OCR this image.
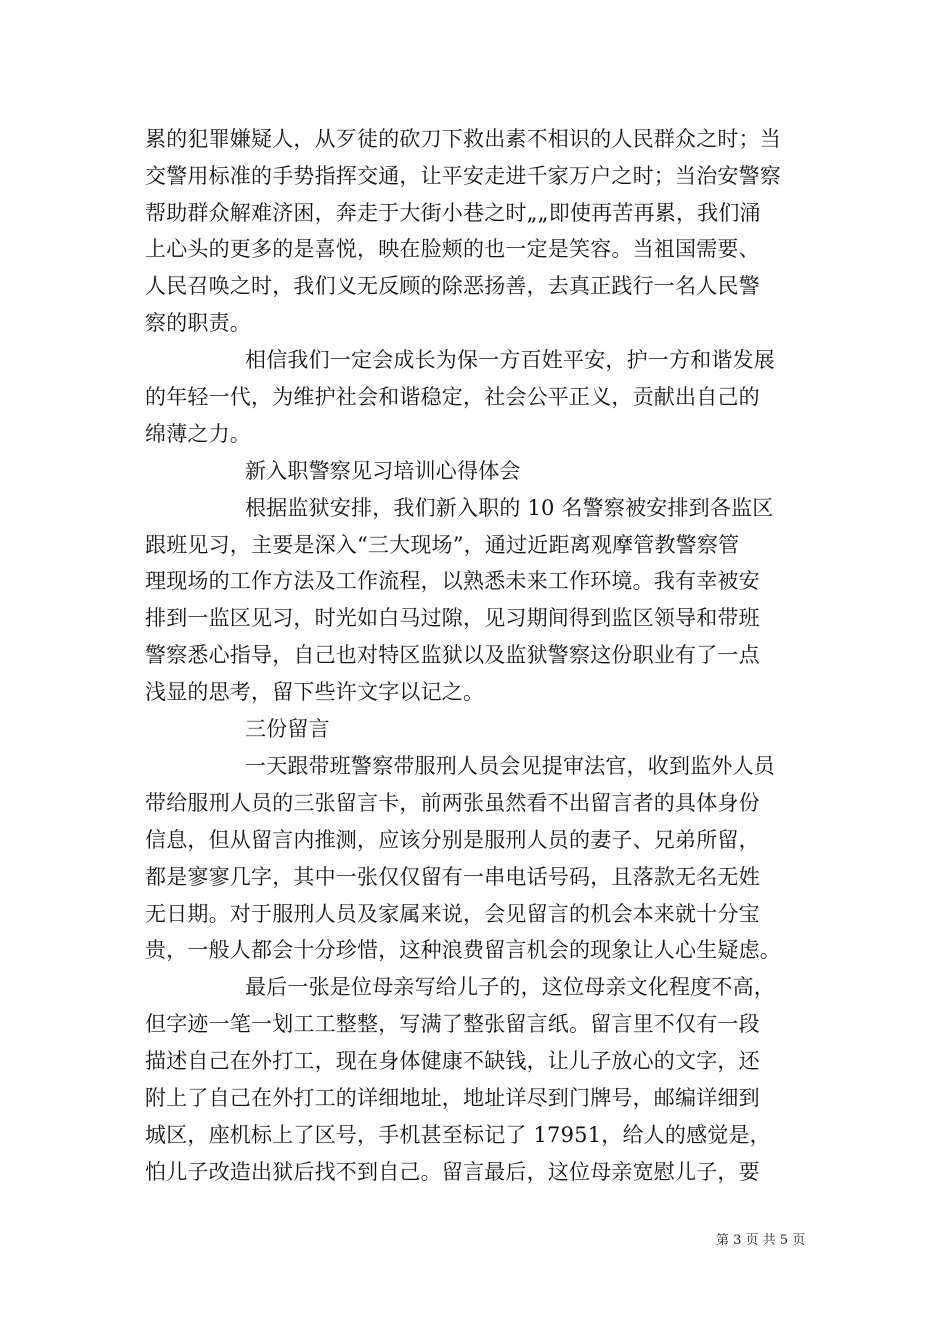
累的犯罪嫌疑人，从歹徒的砍刀下救出素不相识的人民群众之时；当
交警用标准的手势指挥交通，让平安走进千家万户之时；当治安警察
帮助群众解难济困，奔走于大街小巷之时„„即使再苦再累，我们涌
上心头的更多的是喜悦，映在脸颊的也一定是笑容。当祖国需要、
人民召唤之时，我们义无反顾的除恶扬善，去真正践行一名人民警
察的职责。
相信我们一定会成长为保一方百姓平安，护一方和谐发展
的年轻一代，为维护社会和谐稳定，社会公平正义，贡献出自己的
绵薄之力。
新入职警察见习培训心得体会
根据监狱安排，我们新入职的 10 名警察被安排到各监区
跟班见习，主要是深入“三大现场”，通过近距离观摩管教警察管
理现场的工作方法及工作流程，以熟悉未来工作环境。我有幸被安
排到一监区见习，时光如白马过隙，见习期间得到监区领导和带班
警察悉心指导，自己也对特区监狱以及监狱警察这份职业有了一点
浅显的思考，留下些许文字以记之。
三份留言
一天跟带班警察带服刑人员会见提审法官，收到监外人员
带给服刑人员的三张留言卡，前两张虽然看不出留言者的具体身份
信息，但从留言内推测，应该分别是服刑人员的妻子、兄弟所留，
都是寥寥几字，其中一张仅仅留有一串电话号码，且落款无名无姓
无日期。对于服刑人员及家属来说，会见留言的机会本来就十分宝
贵，一般人都会十分珍惜，这种浪费留言机会的现象让人心生疑虑。
最后一张是位母亲写给儿子的，这位母亲文化程度不高，
但字迹一笔一划工工整整，写满了整张留言纸。留言里不仅有一段
描述自己在外打工，现在身体健康不缺钱，让儿子放心的文字，还
附上了自己在外打工的详细地址，地址详尽到门牌号，邮编详细到
城区，座机标上了区号，手机甚至标记了 17951，给人的感觉是，
怕儿子改造出狱后找不到自己。留言最后，这位母亲宽慰儿子，要
第 3 页 共 5 页
